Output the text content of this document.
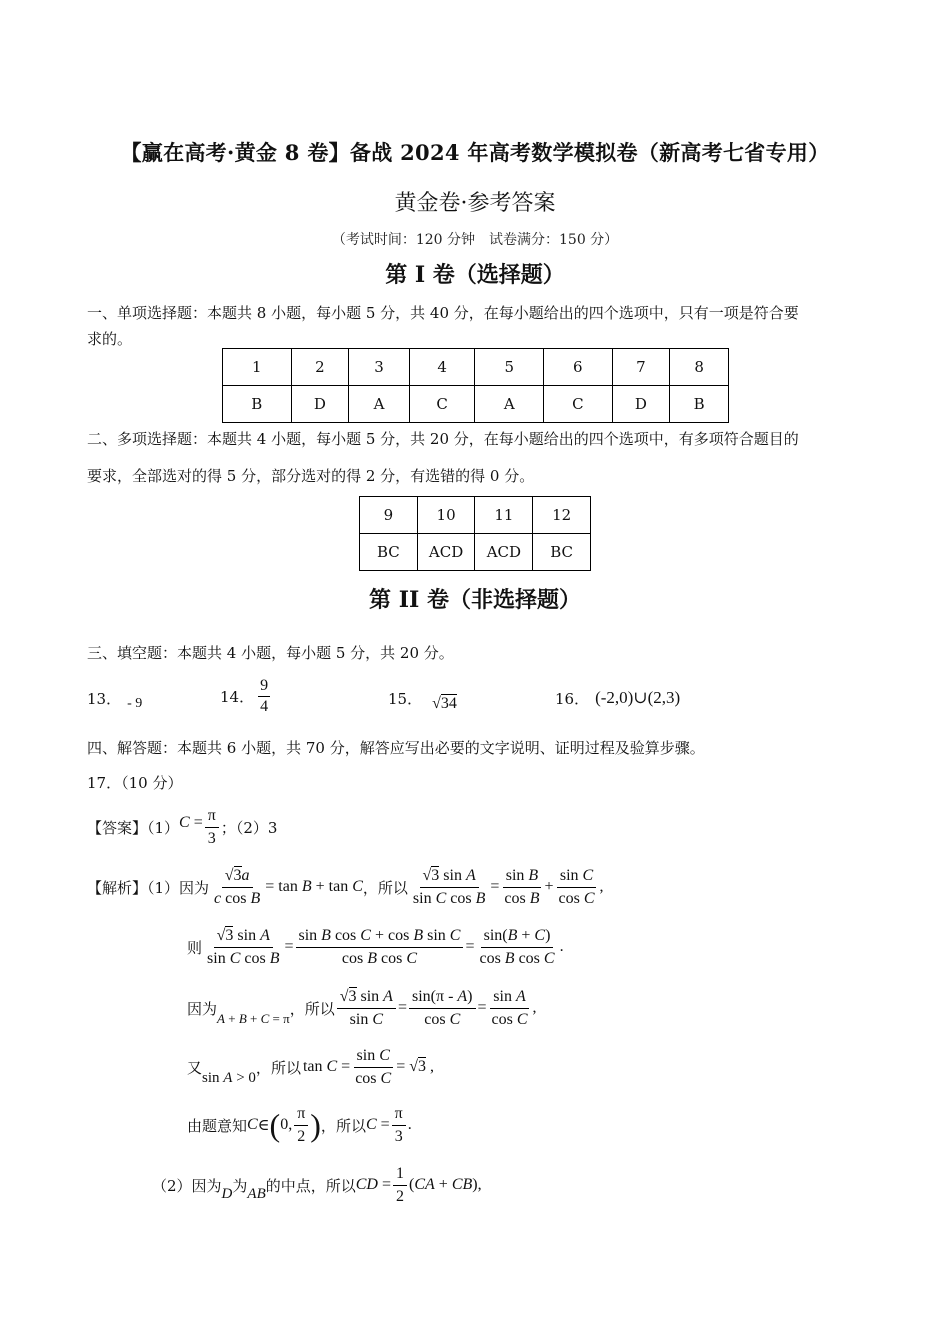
【赢在高考·黄金 8 卷】备战 2024 年高考数学模拟卷（新高考七省专用）
黄金卷·参考答案
（考试时间：120 分钟　试卷满分：150 分）
第 I 卷（选择题）
一、单项选择题：本题共 8 小题，每小题 5 分，共 40 分，在每小题给出的四个选项中，只有一项是符合要
求的。
1	2	3	4	5	6	7	8
B	D	A	C	A	C	D	B
二、多项选择题：本题共 4 小题，每小题 5 分，共 20 分，在每小题给出的四个选项中，有多项符合题目的
要求，全部选对的得 5 分，部分选对的得 2 分，有选错的得 0 分。
9	10	11	12
BC	ACD	ACD	BC
第 II 卷（非选择题）
三、填空题：本题共 4 小题，每小题 5 分，共 20 分。
13． - 9	14． $\frac{9}{4}$	15． √34	16． (-2,0)∪(2,3)
四、解答题：本题共 6 小题，共 70 分，解答应写出必要的文字说明、证明过程及验算步骤。
17．（10 分）
【答案】（1） $C = \frac{\pi}{3}$ ；（2）3
【解析】（1）因为 $\frac{√3a}{\text{c cos B}} = \tan B + \tan C$ ， 所以 $\frac{\text{√3 sin A}}{\text{sin C cos B}} = \frac{\text{sin B}}{\text{cos B}} + \frac{\text{sin C}}{\text{cos C}}$ ,
则 $\frac{\text{√3 sin A}}{\text{sin C cos B}} = \frac{\text{sin B cos C + cos B sin C}}{\text{cos B cos C}} = \frac{\sin(B + C)}{\text{cos B cos C}}$ .
因为
A + B + C = π
， 所以 $\frac{\text{√3 sin A}}{\text{sin C}} = \frac{\sin(\pi - A)}{\text{cos C}} = \frac{\text{sin A}}{\text{cos C}}$ ,
又
sin A > 0
， 所以 $\tan C = \frac{\text{sin C}}{\text{cos C}} = √3$ ,
由题意知 C ∈ ( 0,
π
2 ) ， 所以 $C = \frac{\pi}{3}$ .
（2）因为 D 为 AB 的中点，所以 CD = $\frac{1}{2} (CA + CB)$,
